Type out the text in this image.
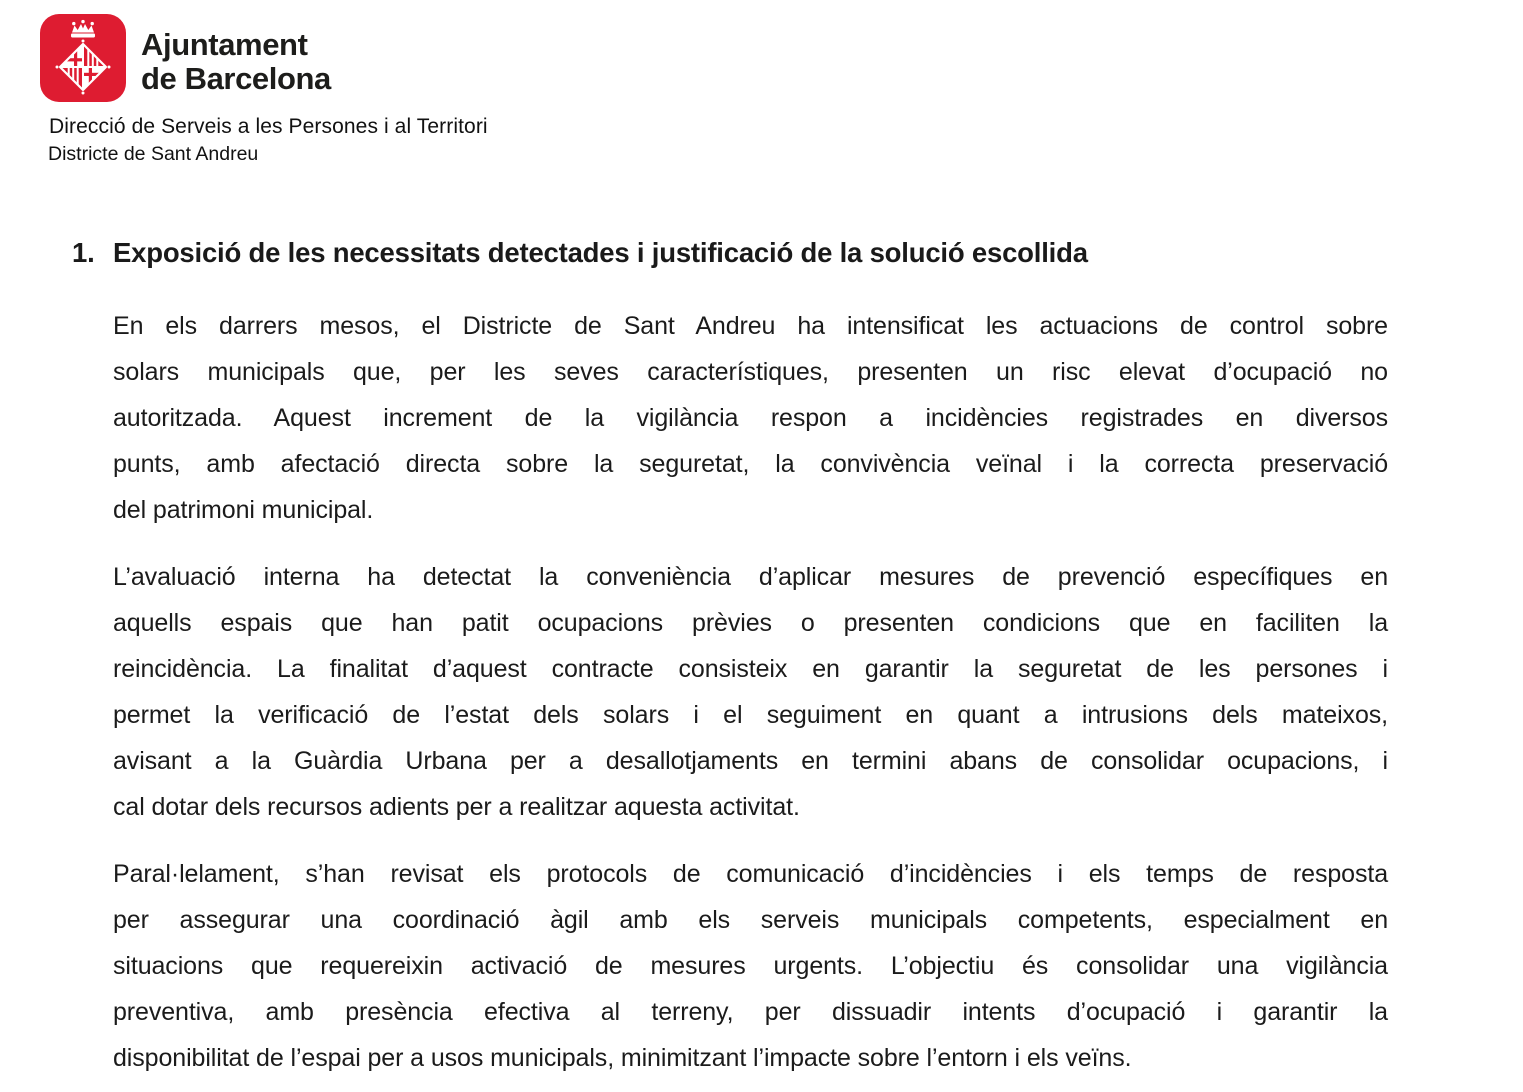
Ajuntament
de Barcelona
Direcció de Serveis a les Persones i al Territori
Districte de Sant Andreu
1. Exposició de les necessitats detectades i justificació de la solució escollida
En els darrers mesos, el Districte de Sant Andreu ha intensificat les actuacions de control sobre
solars municipals que, per les seves característiques, presenten un risc elevat d’ocupació no
autoritzada. Aquest increment de la vigilància respon a incidències registrades en diversos
punts, amb afectació directa sobre la seguretat, la convivència veïnal i la correcta preservació
del patrimoni municipal.
L’avaluació interna ha detectat la conveniència d’aplicar mesures de prevenció específiques en
aquells espais que han patit ocupacions prèvies o presenten condicions que en faciliten la
reincidència. La finalitat d’aquest contracte consisteix en garantir la seguretat de les persones i
permet la verificació de l’estat dels solars i el seguiment en quant a intrusions dels mateixos,
avisant a la Guàrdia Urbana per a desallotjaments en termini abans de consolidar ocupacions, i
cal dotar dels recursos adients per a realitzar aquesta activitat.
Paral·lelament, s’han revisat els protocols de comunicació d’incidències i els temps de resposta
per assegurar una coordinació àgil amb els serveis municipals competents, especialment en
situacions que requereixin activació de mesures urgents. L’objectiu és consolidar una vigilància
preventiva, amb presència efectiva al terreny, per dissuadir intents d’ocupació i garantir la
disponibilitat de l’espai per a usos municipals, minimitzant l’impacte sobre l’entorn i els veïns.
